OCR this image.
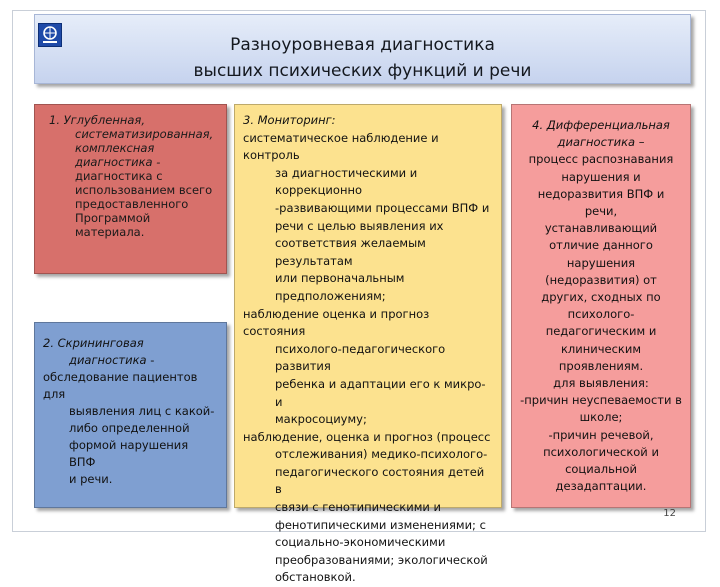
Разноуровневая диагностика
высших психических функций и речи
1. Углубленная,
систематизированная,
комплексная
диагностика -
диагностика с
использованием всего
предоставленного
Программой материала.
2. Скрининговая
диагностика -
обследование пациентов для
выявления лиц с какой-
либо определенной
формой нарушения ВПФ
и речи.
3. Мониторинг:
систематическое наблюдение и контроль
за диагностическими и коррекционно
-развивающими процессами ВПФ и
речи с целью выявления их
соответствия желаемым результатам
или первоначальным
предположениям;
наблюдение оценка и прогноз состояния
психолого-педагогического развития
ребенка и адаптации его к микро- и
макросоциуму;
наблюдение, оценка и прогноз (процесс
отслеживания) медико-психолого-
педагогического состояния детей в
связи с генотипическими и
фенотипическими изменениями; с
социально-экономическими
преобразованиями; экологической
обстановкой.
4. Дифференциальная
диагностика –
процесс распознавания
нарушения и
недоразвития ВПФ и
речи,
устанавливающий
отличие данного
нарушения
(недоразвития) от
других, сходных по
психолого-
педагогическим и
клиническим
проявлениям.
для выявления:
-причин неуспеваемости в
школе;
-причин речевой,
психологической и
социальной
дезадаптации.
12
